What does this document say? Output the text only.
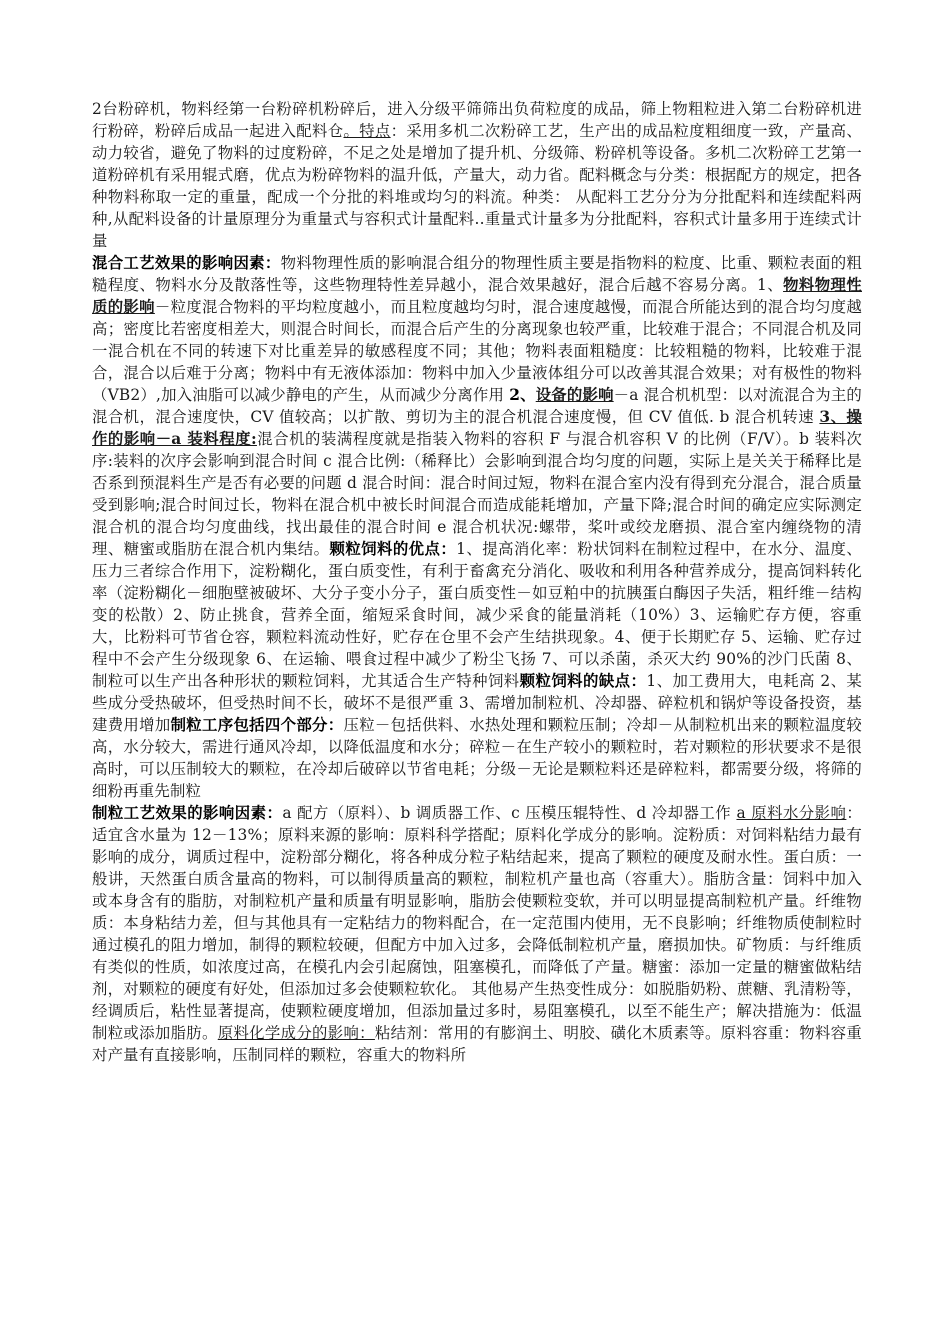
2台粉碎机，物料经第一台粉碎机粉碎后，进入分级平筛筛出负荷粒度的成品，筛上物粗粒进入第二台粉碎机进行粉碎，粉碎后成品一起进入配料仓。特点：采用多机二次粉碎工艺，生产出的成品粒度粗细度一致，产量高、动力较省，避免了物料的过度粉碎，不足之处是增加了提升机、分级筛、粉碎机等设备。多机二次粉碎工艺第一道粉碎机有采用辊式磨，优点为粉碎物料的温升低，产量大，动力省。配料概念与分类：根据配方的规定，把各种物料称取一定的重量，配成一个分批的料堆或均匀的料流。种类： 从配料工艺分分为分批配料和连续配料两种,从配料设备的计量原理分为重量式与容积式计量配料..重量式计量多为分批配料，容积式计量多用于连续式计量

混合工艺效果的影响因素：物料物理性质的影响混合组分的物理性质主要是指物料的粒度、比重、颗粒表面的粗糙程度、物料水分及散落性等，这些物理特性差异越小，混合效果越好，混合后越不容易分离。1、物料物理性质的影响－粒度混合物料的平均粒度越小，而且粒度越均匀时，混合速度越慢，而混合所能达到的混合均匀度越高；密度比若密度相差大，则混合时间长，而混合后产生的分离现象也较严重，比较难于混合；不同混合机及同一混合机在不同的转速下对比重差异的敏感程度不同；其他；物料表面粗糙度：比较粗糙的物料，比较难于混合，混合以后难于分离；物料中有无液体添加：物料中加入少量液体组分可以改善其混合效果；对有极性的物料（VB2）,加入油脂可以减少静电的产生，从而减少分离作用 2、设备的影响－a 混合机机型：以对流混合为主的混合机，混合速度快，CV 值较高；以扩散、剪切为主的混合机混合速度慢，但 CV 值低. b 混合机转速 3、操作的影响－a 装料程度:混合机的装满程度就是指装入物料的容积 F 与混合机容积 V 的比例（F/V）。b 装料次序:装料的次序会影响到混合时间 c 混合比例:（稀释比）会影响到混合均匀度的问题，实际上是关关于稀释比是否系到预混料生产是否有必要的问题 d 混合时间：混合时间过短，物料在混合室内没有得到充分混合，混合质量受到影响;混合时间过长，物料在混合机中被长时间混合而造成能耗增加，产量下降;混合时间的确定应实际测定混合机的混合均匀度曲线，找出最佳的混合时间 e 混合机状况:螺带，桨叶或绞龙磨损、混合室内缠绕物的清理、糖蜜或脂肪在混合机内集结。颗粒饲料的优点：1、提高消化率：粉状饲料在制粒过程中，在水分、温度、压力三者综合作用下，淀粉糊化，蛋白质变性，有利于畜禽充分消化、吸收和利用各种营养成分，提高饲料转化率（淀粉糊化－细胞壁被破坏、大分子变小分子，蛋白质变性－如豆粕中的抗胰蛋白酶因子失活，粗纤维－结构变的松散）2、防止挑食，营养全面，缩短采食时间，减少采食的能量消耗（10%）3、运输贮存方便，容重大，比粉料可节省仓容，颗粒料流动性好，贮存在仓里不会产生结拱现象。4、便于长期贮存 5、运输、贮存过程中不会产生分级现象 6、在运输、喂食过程中减少了粉尘飞扬 7、可以杀菌，杀灭大约 90%的沙门氏菌 8、制粒可以生产出各种形状的颗粒饲料，尤其适合生产特种饲料颗粒饲料的缺点：1、加工费用大，电耗高 2、某些成分受热破坏，但受热时间不长，破坏不是很严重 3、需增加制粒机、冷却器、碎粒机和锅炉等设备投资，基建费用增加制粒工序包括四个部分：压粒－包括供料、水热处理和颗粒压制；冷却－从制粒机出来的颗粒温度较高，水分较大，需进行通风冷却，以降低温度和水分；碎粒－在生产较小的颗粒时，若对颗粒的形状要求不是很高时，可以压制较大的颗粒，在冷却后破碎以节省电耗；分级－无论是颗粒料还是碎粒料，都需要分级，将筛的细粉再重先制粒

制粒工艺效果的影响因素：a 配方（原料）、b 调质器工作、c 压模压辊特性、d 冷却器工作 a 原料水分影响：适宜含水量为 12－13%；原料来源的影响：原料科学搭配；原料化学成分的影响。淀粉质：对饲料粘结力最有影响的成分，调质过程中，淀粉部分糊化，将各种成分粒子粘结起来，提高了颗粒的硬度及耐水性。蛋白质：一般讲，天然蛋白质含量高的物料，可以制得质量高的颗粒，制粒机产量也高（容重大）。脂肪含量：饲料中加入或本身含有的脂肪，对制粒机产量和质量有明显影响，脂肪会使颗粒变软，并可以明显提高制粒机产量。纤维物质：本身粘结力差，但与其他具有一定粘结力的物料配合，在一定范围内使用，无不良影响；纤维物质使制粒时通过模孔的阻力增加，制得的颗粒较硬，但配方中加入过多，会降低制粒机产量，磨损加快。矿物质：与纤维质有类似的性质，如浓度过高，在模孔内会引起腐蚀，阻塞模孔，而降低了产量。糖蜜：添加一定量的糖蜜做粘结剂，对颗粒的硬度有好处，但添加过多会使颗粒软化。 其他易产生热变性成分：如脱脂奶粉、蔗糖、乳清粉等，经调质后，粘性显著提高，使颗粒硬度增加，但添加量过多时，易阻塞模孔，以至不能生产；解决措施为：低温制粒或添加脂肪。原料化学成分的影响：粘结剂：常用的有膨润土、明胶、磺化木质素等。原料容重：物料容重对产量有直接影响，压制同样的颗粒，容重大的物料所
